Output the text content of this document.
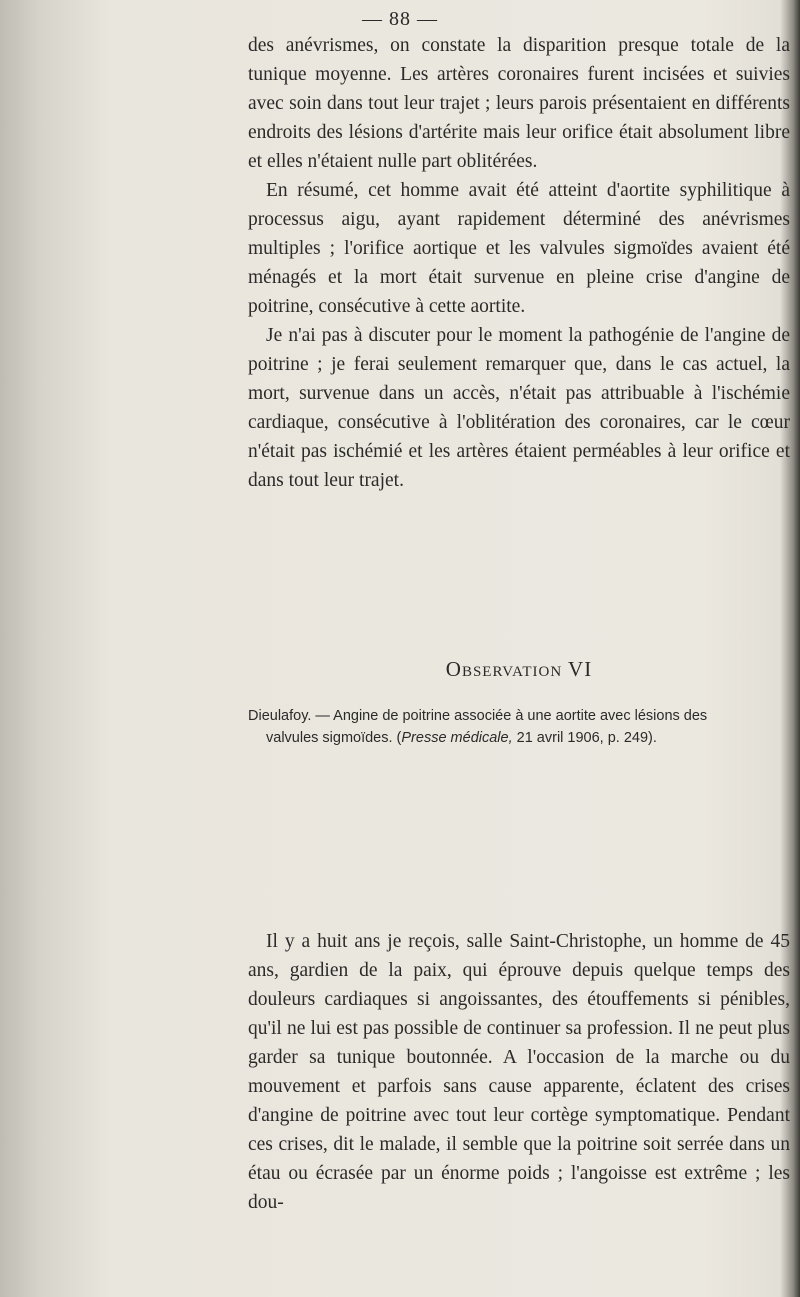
— 88 —

des anévrismes, on constate la disparition presque totale de la tunique moyenne. Les artères coronaires furent incisées et suivies avec soin dans tout leur trajet ; leurs parois présentaient en différents endroits des lésions d'artérite mais leur orifice était absolument libre et elles n'étaient nulle part oblitérées.

En résumé, cet homme avait été atteint d'aortite syphilitique à processus aigu, ayant rapidement déterminé des anévrismes multiples ; l'orifice aortique et les valvules sigmoïdes avaient été ménagés et la mort était survenue en pleine crise d'angine de poitrine, consécutive à cette aortite.

Je n'ai pas à discuter pour le moment la pathogénie de l'angine de poitrine ; je ferai seulement remarquer que, dans le cas actuel, la mort, survenue dans un accès, n'était pas attribuable à l'ischémie cardiaque, consécutive à l'oblitération des coronaires, car le cœur n'était pas ischémié et les artères étaient perméables à leur orifice et dans tout leur trajet.

Observation VI
Dieulafoy. — Angine de poitrine associée à une aortite avec lésions des
valvules sigmoïdes. (Presse médicale, 21 avril 1906, p. 249).

Il y a huit ans je reçois, salle Saint-Christophe, un homme de 45 ans, gardien de la paix, qui éprouve depuis quelque temps des douleurs cardiaques si angoissantes, des étouffements si pénibles, qu'il ne lui est pas possible de continuer sa profession. Il ne peut plus garder sa tunique boutonnée. A l'occasion de la marche ou du mouvement et parfois sans cause apparente, éclatent des crises d'angine de poitrine avec tout leur cortège symptomatique. Pendant ces crises, dit le malade, il semble que la poitrine soit serrée dans un étau ou écrasée par un énorme poids ; l'angoisse est extrême ; les dou-
